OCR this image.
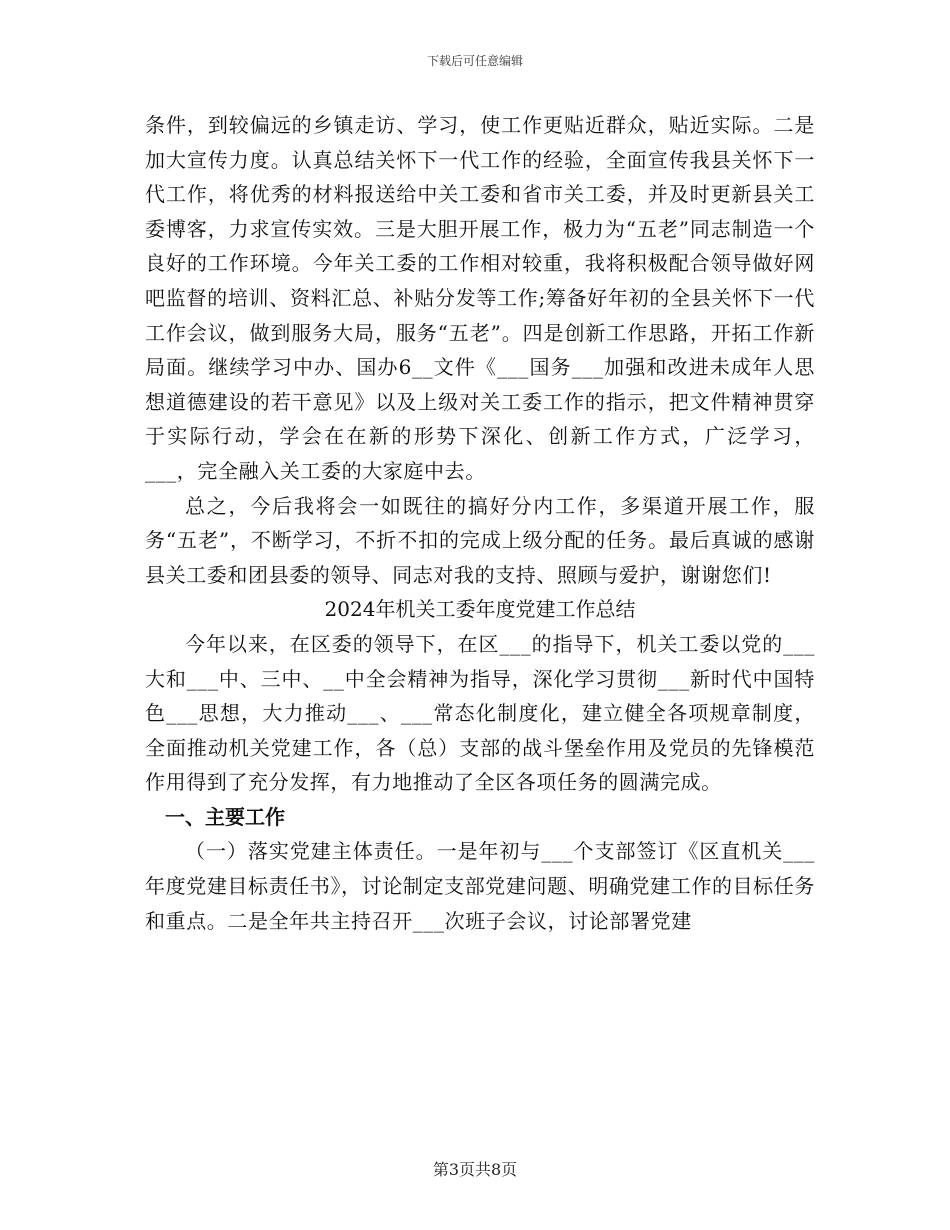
下载后可任意编辑

条件，到较偏远的乡镇走访、学习，使工作更贴近群众，贴近实际。二是加大宣传力度。认真总结关怀下一代工作的经验，全面宣传我县关怀下一代工作，将优秀的材料报送给中关工委和省市关工委，并及时更新县关工委博客，力求宣传实效。三是大胆开展工作，极力为“五老”同志制造一个良好的工作环境。今年关工委的工作相对较重，我将积极配合领导做好网吧监督的培训、资料汇总、补贴分发等工作;筹备好年初的全县关怀下一代工作会议，做到服务大局，服务“五老”。四是创新工作思路，开拓工作新局面。继续学习中办、国办6__文件《___国务___加强和改进未成年人思想道德建设的若干意见》以及上级对关工委工作的指示，把文件精神贯穿于实际行动，学会在在新的形势下深化、创新工作方式，广泛学习，___，完全融入关工委的大家庭中去。

总之，今后我将会一如既往的搞好分内工作，多渠道开展工作，服务“五老”，不断学习，不折不扣的完成上级分配的任务。最后真诚的感谢县关工委和团县委的领导、同志对我的支持、照顾与爱护，谢谢您们!

2024年机关工委年度党建工作总结

今年以来，在区委的领导下，在区___的指导下，机关工委以党的___大和___中、三中、__中全会精神为指导，深化学习贯彻___新时代中国特色___思想，大力推动___、___常态化制度化，建立健全各项规章制度，全面推动机关党建工作，各（总）支部的战斗堡垒作用及党员的先锋模范作用得到了充分发挥，有力地推动了全区各项任务的圆满完成。

一、主要工作

（一）落实党建主体责任。一是年初与___个支部签订《区直机关___年度党建目标责任书》，讨论制定支部党建问题、明确党建工作的目标任务和重点。二是全年共主持召开___次班子会议，讨论部署党建

第3页共8页
